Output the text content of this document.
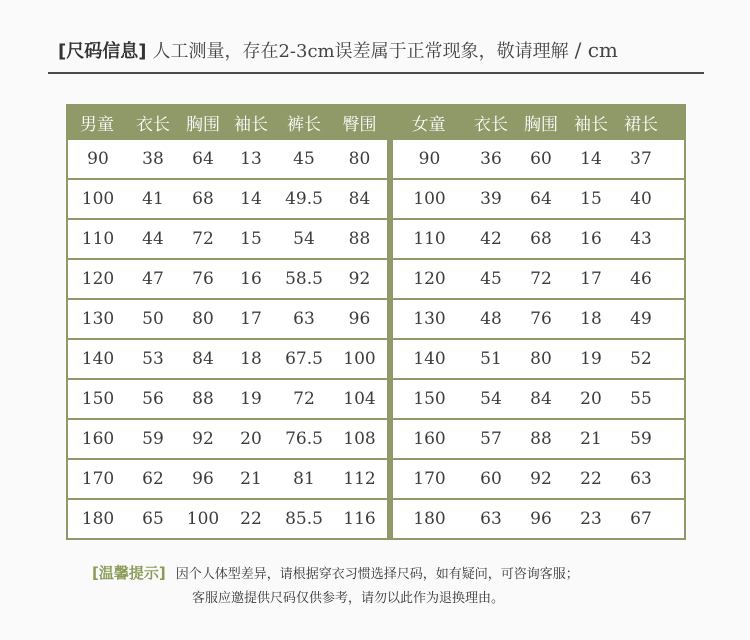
[尺码信息] 人工测量，存在2-3cm误差属于正常现象，敬请理解 / cm
男童	衣长 胸围 袖长	裤长	臀围
90	38	64	13	45	80
100	41	68	14	49.5	84
110	44	72	15	54	88
120	47	76	16	58.5	92
130	50	80	17	63	96
140	53	84	18	67.5	100
150	56	88	19	72	104
160	59	92	20	76.5	108
170	62	96	21	81	112
180	65	100	22	85.5	116
女童	衣长 胸围 袖长 裙长
90	36	60	14	37
100	39	64	15	40
110	42	68	16	43
120	45	72	17	46
130	48	76	18	49
140	51	80	19	52
150	54	84	20	55
160	57	88	21	59
170	60	92	22	63
180	63	96	23	67
[温馨提示] 因个人体型差异，请根据穿衣习惯选择尺码，如有疑问，可咨询客服；
客服应邀提供尺码仅供参考，请勿以此作为退换理由。
